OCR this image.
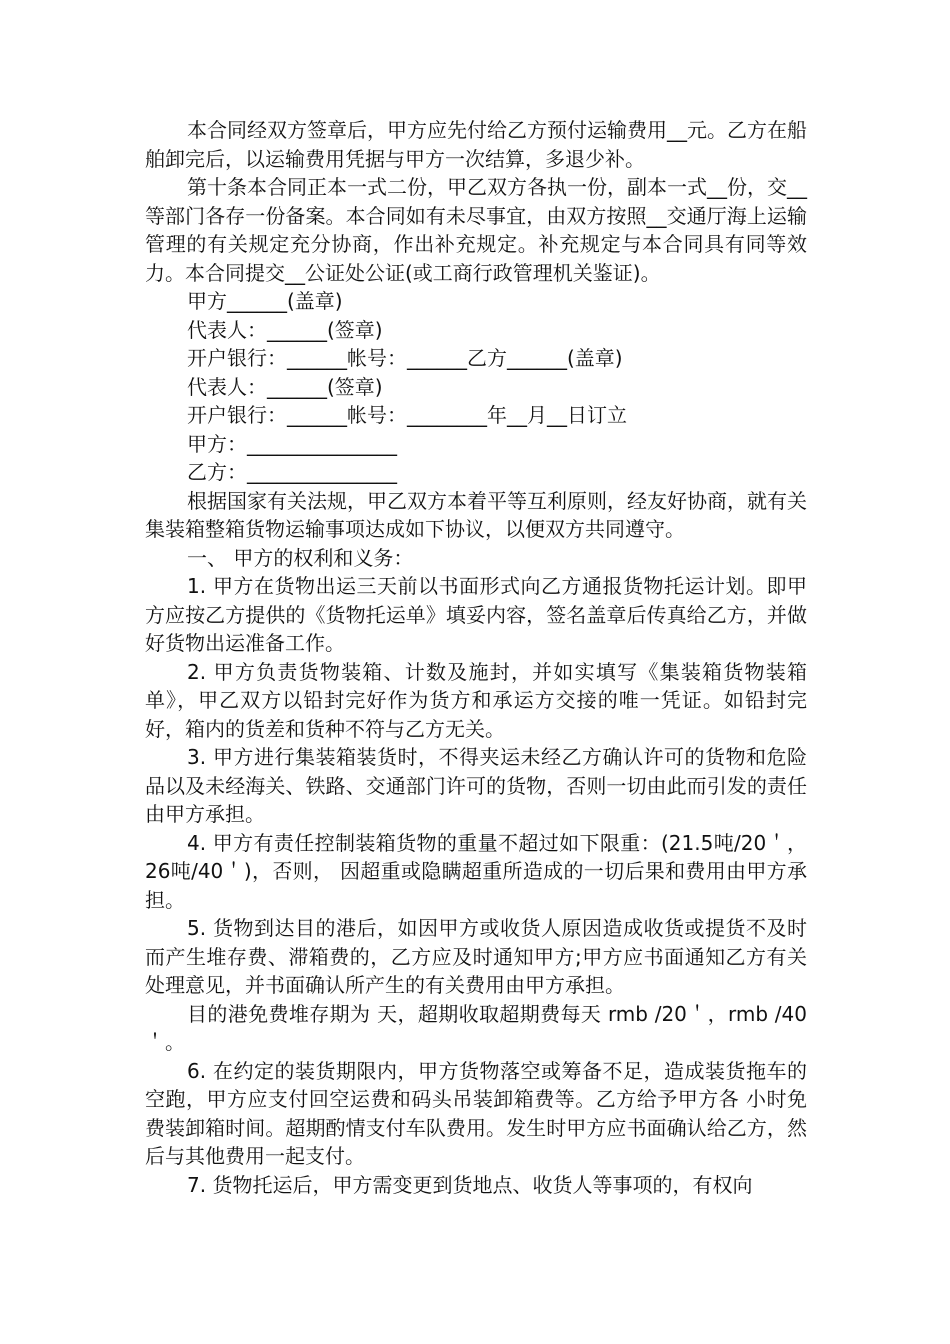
本合同经双方签章后，甲方应先付给乙方预付运输费用__元。乙方在船舶卸完后，以运输费用凭据与甲方一次结算，多退少补。

第十条本合同正本一式二份，甲乙双方各执一份，副本一式__份，交__等部门各存一份备案。本合同如有未尽事宜，由双方按照__交通厅海上运输管理的有关规定充分协商，作出补充规定。补充规定与本合同具有同等效力。本合同提交__公证处公证(或工商行政管理机关鉴证)。

甲方______(盖章)

代表人：______(签章)

开户银行：______帐号：______乙方______(盖章)

代表人：______(签章)

开户银行：______帐号：________年__月__日订立

甲方：_______________

乙方：_______________

根据国家有关法规，甲乙双方本着平等互利原则，经友好协商，就有关集装箱整箱货物运输事项达成如下协议，以便双方共同遵守。

一、 甲方的权利和义务：

1. 甲方在货物出运三天前以书面形式向乙方通报货物托运计划。即甲方应按乙方提供的《货物托运单》填妥内容，签名盖章后传真给乙方，并做好货物出运准备工作。

2. 甲方负责货物装箱、计数及施封，并如实填写《集装箱货物装箱单》，甲乙双方以铅封完好作为货方和承运方交接的唯一凭证。如铅封完好，箱内的货差和货种不符与乙方无关。

3. 甲方进行集装箱装货时，不得夹运未经乙方确认许可的货物和危险品以及未经海关、铁路、交通部门许可的货物，否则一切由此而引发的责任由甲方承担。

4. 甲方有责任控制装箱货物的重量不超过如下限重：(21.5吨/20＇，26吨/40＇)，否则， 因超重或隐瞒超重所造成的一切后果和费用由甲方承担。

5. 货物到达目的港后，如因甲方或收货人原因造成收货或提货不及时而产生堆存费、滞箱费的，乙方应及时通知甲方;甲方应书面通知乙方有关处理意见，并书面确认所产生的有关费用由甲方承担。

目的港免费堆存期为 天，超期收取超期费每天 rmb /20＇，rmb /40＇。

6. 在约定的装货期限内，甲方货物落空或筹备不足，造成装货拖车的空跑，甲方应支付回空运费和码头吊装卸箱费等。乙方给予甲方各 小时免费装卸箱时间。超期酌情支付车队费用。发生时甲方应书面确认给乙方，然后与其他费用一起支付。

7. 货物托运后，甲方需变更到货地点、收货人等事项的，有权向
